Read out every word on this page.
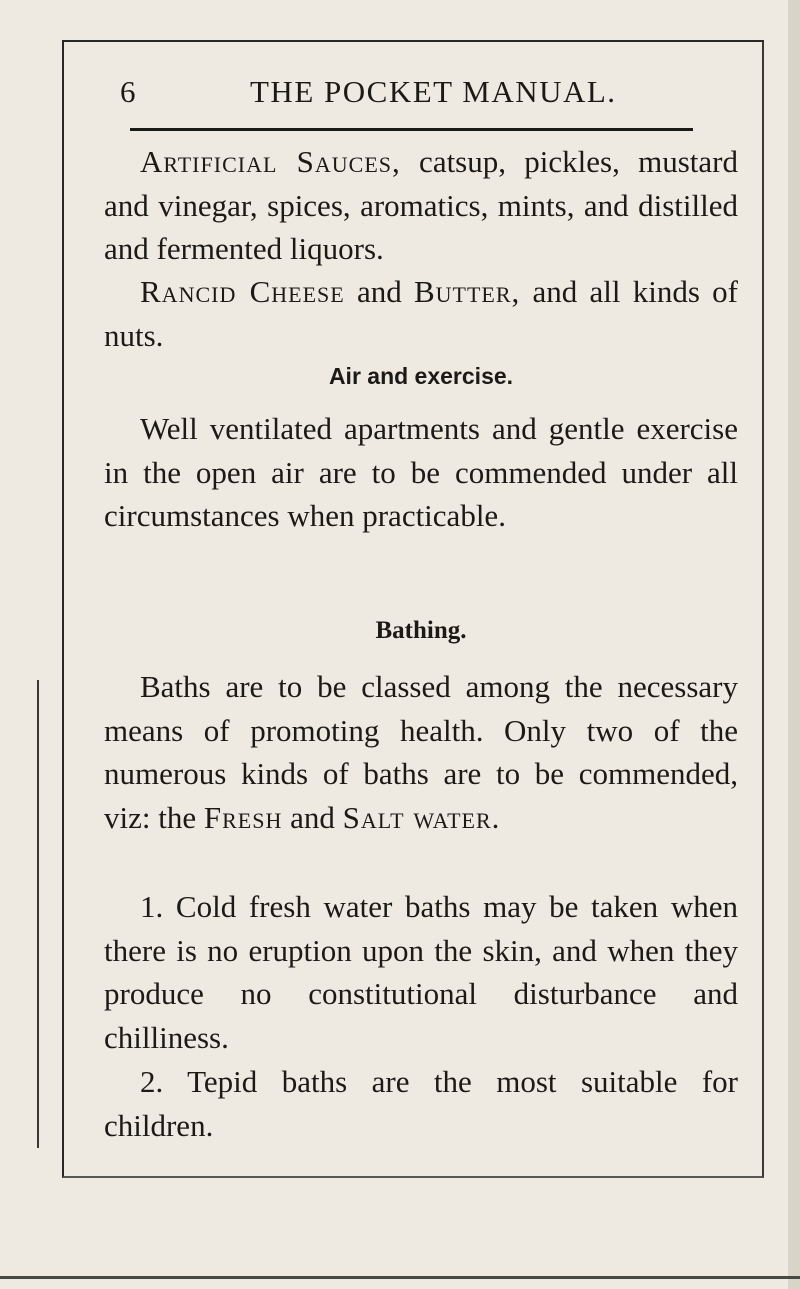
6	THE POCKET MANUAL.
Artificial Sauces, catsup, pickles, mustard and vinegar, spices, aromatics, mints, and distilled and fermented liquors.
Rancid Cheese and Butter, and all kinds of nuts.
Air and exercise.
Well ventilated apartments and gentle exercise in the open air are to be commended under all circumstances when practicable.
Bathing.
Baths are to be classed among the necessary means of promoting health. Only two of the numerous kinds of baths are to be commended, viz: the Fresh and Salt water.
1. Cold fresh water baths may be taken when there is no eruption upon the skin, and when they produce no constitutional disturbance and chilliness.
2. Tepid baths are the most suitable for children.
